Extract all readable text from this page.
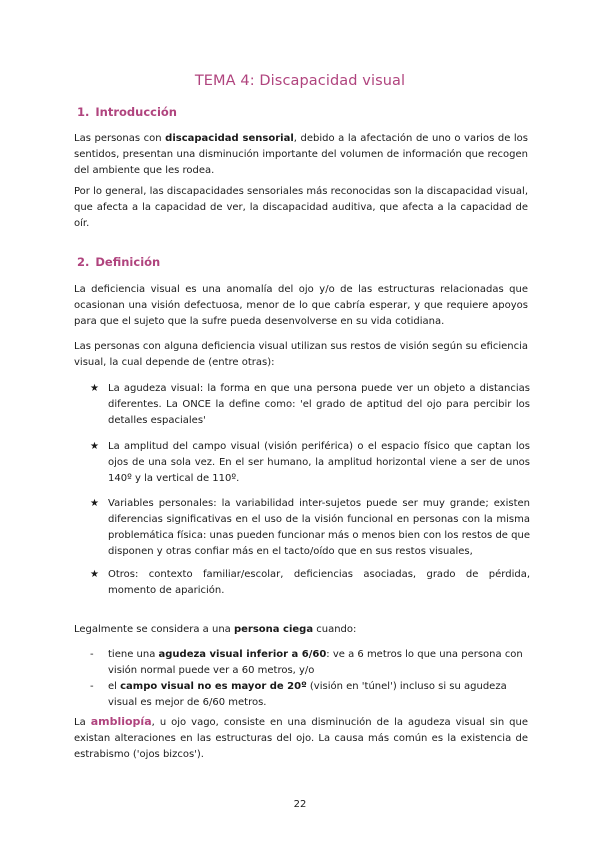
TEMA 4: Discapacidad visual
1. Introducción

Las personas con discapacidad sensorial, debido a la afectación de uno o varios de los sentidos, presentan una disminución importante del volumen de información que recogen del ambiente que les rodea.

Por lo general, las discapacidades sensoriales más reconocidas son la discapacidad visual, que afecta a la capacidad de ver, la discapacidad auditiva, que afecta a la capacidad de oír.

2. Definición

La deficiencia visual es una anomalía del ojo y/o de las estructuras relacionadas que ocasionan una visión defectuosa, menor de lo que cabría esperar, y que requiere apoyos para que el sujeto que la sufre pueda desenvolverse en su vida cotidiana.

Las personas con alguna deficiencia visual utilizan sus restos de visión según su eficiencia visual, la cual depende de (entre otras):

★ La agudeza visual: la forma en que una persona puede ver un objeto a distancias diferentes. La ONCE la define como: 'el grado de aptitud del ojo para percibir los detalles espaciales'
★ La amplitud del campo visual (visión periférica) o el espacio físico que captan los ojos de una sola vez. En el ser humano, la amplitud horizontal viene a ser de unos 140º y la vertical de 110º.
★ Variables personales: la variabilidad inter-sujetos puede ser muy grande; existen diferencias significativas en el uso de la visión funcional en personas con la misma problemática física: unas pueden funcionar más o menos bien con los restos de que disponen y otras confiar más en el tacto/oído que en sus restos visuales,
★ Otros: contexto familiar/escolar, deficiencias asociadas, grado de pérdida, momento de aparición.

Legalmente se considera a una persona ciega cuando:

- tiene una agudeza visual inferior a 6/60: ve a 6 metros lo que una persona con visión normal puede ver a 60 metros, y/o
- el campo visual no es mayor de 20º (visión en 'túnel') incluso si su agudeza visual es mejor de 6/60 metros.

La ambliopía, u ojo vago, consiste en una disminución de la agudeza visual sin que existan alteraciones en las estructuras del ojo. La causa más común es la existencia de estrabismo ('ojos bizcos').

22
